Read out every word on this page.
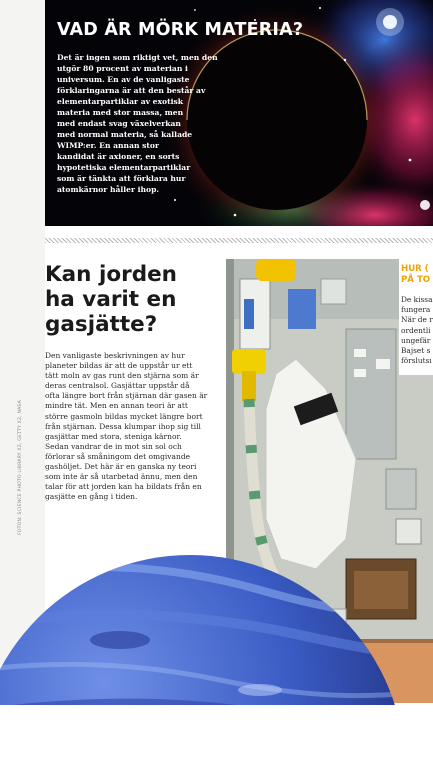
FOTON: SCIENCE PHOTO LIBRARY X2, GETTY X2, NASA
VAD ÄR MÖRK MATERIA?
Det är ingen som riktigt vet, men den
utgör 80 procent av materian i
universum. En av de vanligaste
förklaringarna är att den består av
elementarpartiklar av exotisk
materia med stor massa, men
med endast svag växelverkan
med normal materia, så kallade
WIMP:er. En annan stor
kandidat är axioner, en sorts
hypotetiska elementarpartiklar
som är tänkta att förklara hur
atomkärnor håller ihop.
Kan jorden
ha varit en
gasjätte?
Den vanligaste beskrivningen av hur
planeter bildas är att de uppstår ur ett
tätt moln av gas runt den stjärna som är
deras centralsol. Gasjättar uppstår då
ofta längre bort från stjärnan där gasen är
mindre tät. Men en annan teori är att
större gasmoln bildas mycket längre bort
från stjärnan. Dessa klumpar ihop sig till
gasjättar med stora, steniga kärnor.
Sedan vandrar de in mot sin sol och
förlorar så småningom det omgivande
gashöljet. Det här är en ganska ny teori
som inte är så utarbetad ännu, men den
talar för att jorden kan ha bildats från en
gasjätte en gång i tiden.
HUR (
PÅ TO
De kissa
fungera
När de r
ordentli
ungefär
Bajset s
förslutsı
